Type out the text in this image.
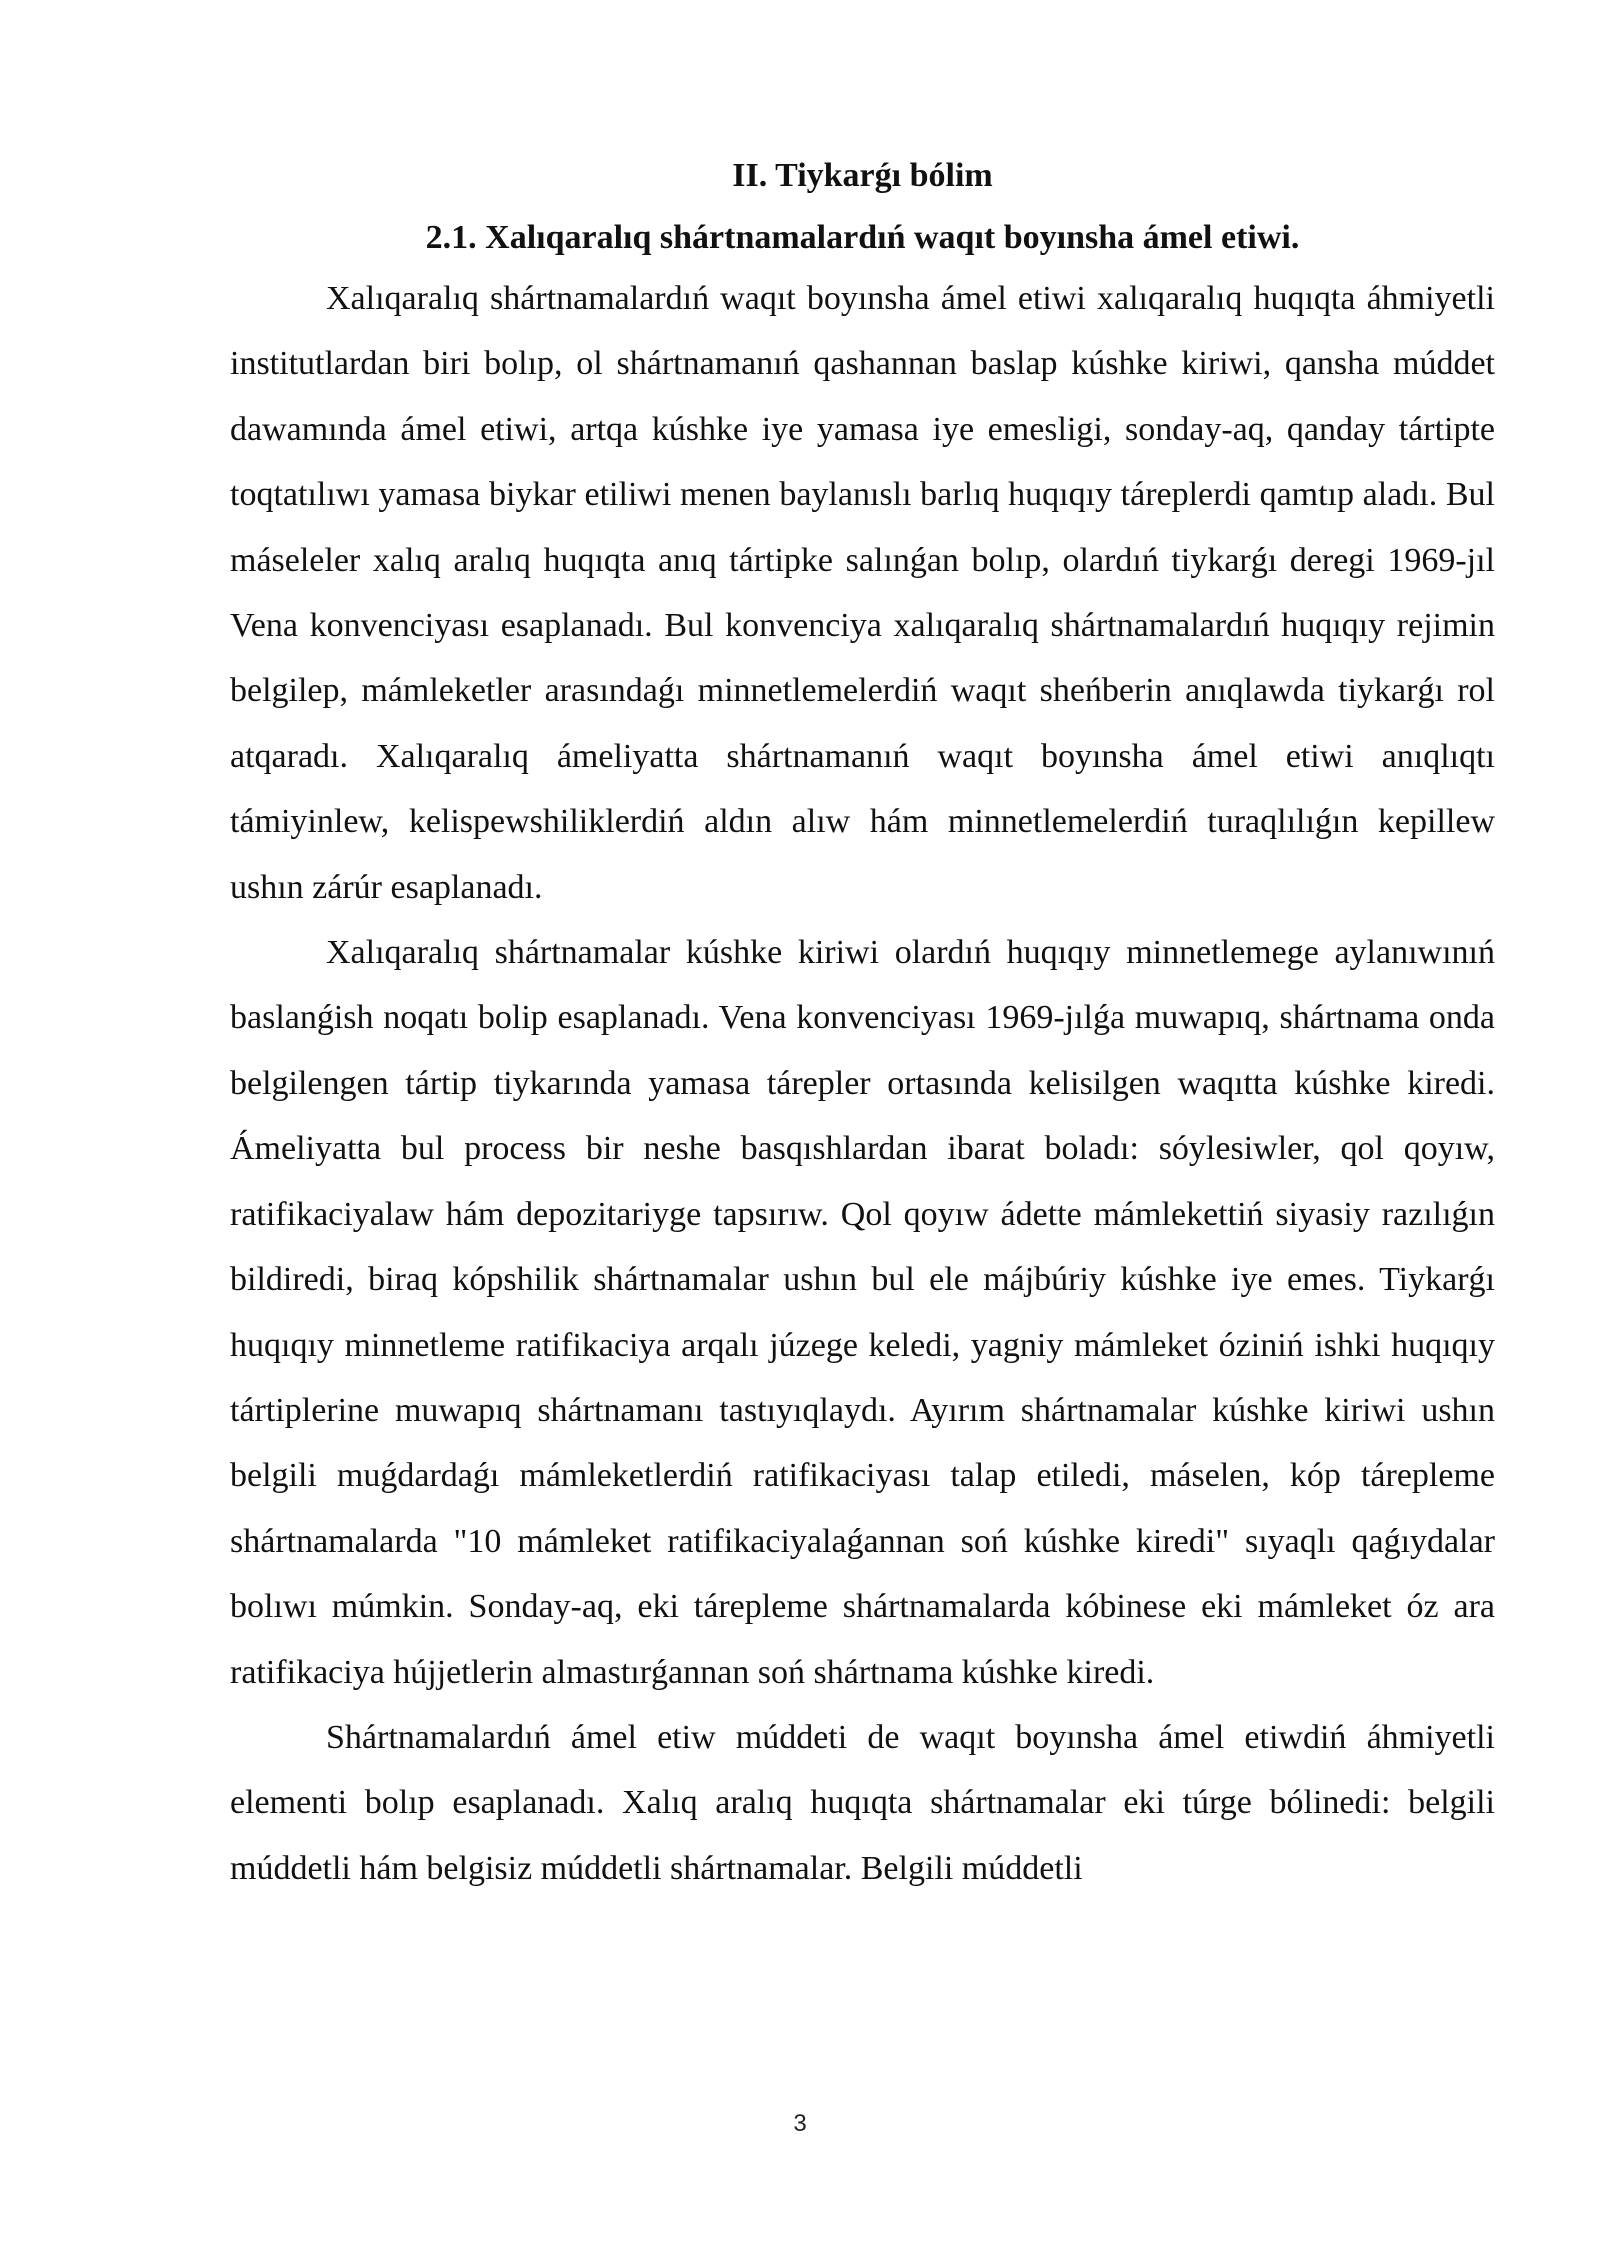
II. Tiykarǵı bólim
2.1. Xalıqaralıq shártnamalardıń waqıt boyınsha ámel etiwi.

Xalıqaralıq shártnamalardıń waqıt boyınsha ámel etiwi xalıqaralıq huqıqta áhmiyetli institutlardan biri bolıp, ol shártnamanıń qashannan baslap kúshke kiriwi, qansha múddet dawamında ámel etiwi, artqa kúshke iye yamasa iye emesligi, sonday-aq, qanday tártipte toqtatılıwı yamasa biykar etiliwi menen baylanıslı barlıq huqıqıy táreplerdi qamtıp aladı. Bul máseleler xalıq aralıq huqıqta anıq tártipke salınǵan bolıp, olardıń tiykarǵı deregi 1969-jıl Vena konvenciyası esaplanadı. Bul konvenciya xalıqaralıq shártnamalardıń huqıqıy rejimin belgilep, mámleketler arasındaǵı minnetlemelerdiń waqıt sheńberin anıqlawda tiykarǵı rol atqaradı. Xalıqaralıq ámeliyatta shártnamanıń waqıt boyınsha ámel etiwi anıqlıqtı támiyinlew, kelispewshiliklerdiń aldın alıw hám minnetlemelerdiń turaqlılıǵın kepillew ushın zárúr esaplanadı.

Xalıqaralıq shártnamalar kúshke kiriwi olardıń huqıqıy minnetlemege aylanıwınıń baslanǵish noqatı bolip esaplanadı. Vena konvenciyası 1969-jılǵa muwapıq, shártnama onda belgilengen tártip tiykarında yamasa tárepler ortasında kelisilgen waqıtta kúshke kiredi. Ámeliyatta bul process bir neshe basqıshlardan ibarat boladı: sóylesiwler, qol qoyıw, ratifikaciyalaw hám depozitariyge tapsırıw. Qol qoyıw ádette mámlekettiń siyasiy razılıǵın bildiredi, biraq kópshilik shártnamalar ushın bul ele májbúriy kúshke iye emes. Tiykarǵı huqıqıy minnetleme ratifikaciya arqalı júzege keledi, yagniy mámleket óziniń ishki huqıqıy tártiplerine muwapıq shártnamanı tastıyıqlaydı. Ayırım shártnamalar kúshke kiriwi ushın belgili muǵdardaǵı mámleketlerdiń ratifikaciyası talap etiledi, máselen, kóp tárepleme shártnamalarda "10 mámleket ratifikaciyalaǵannan soń kúshke kiredi" sıyaqlı qaǵıydalar bolıwı múmkin. Sonday-aq, eki tárepleme shártnamalarda kóbinese eki mámleket óz ara ratifikaciya hújjetlerin almastırǵannan soń shártnama kúshke kiredi.

Shártnamalardıń ámel etiw múddeti de waqıt boyınsha ámel etiwdiń áhmiyetli elementi bolıp esaplanadı. Xalıq aralıq huqıqta shártnamalar eki túrge bólinedi: belgili múddetli hám belgisiz múddetli shártnamalar. Belgili múddetli

3
